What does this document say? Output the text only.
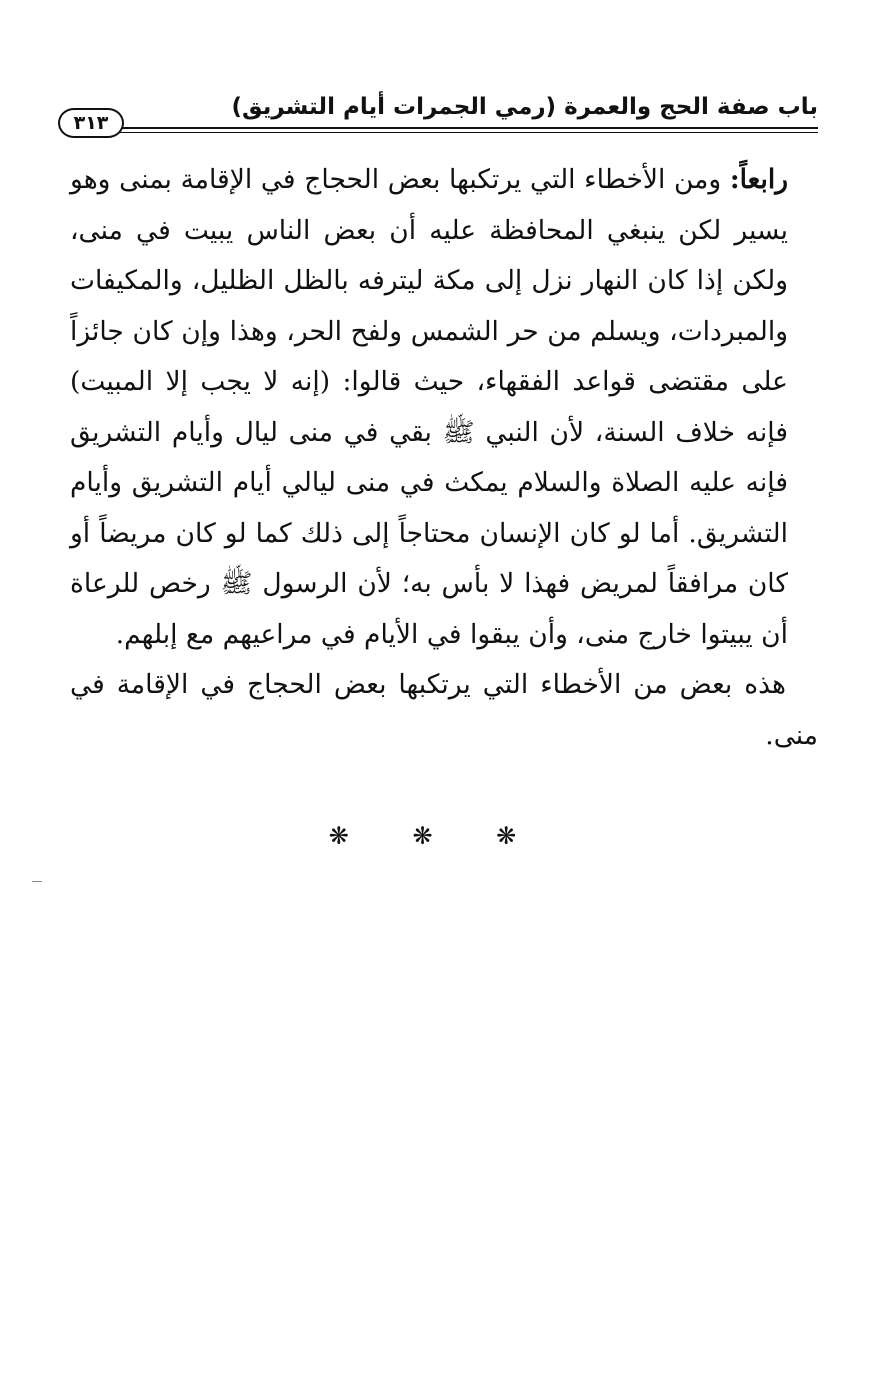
باب صفة الحج والعمرة (رمي الجمرات أيام التشريق)
٣١٣

رابعاً: ومن الأخطاء التي يرتكبها بعض الحجاج في الإقامة بمنى وهو يسير لكن ينبغي المحافظة عليه أن بعض الناس يبيت في منى، ولكن إذا كان النهار نزل إلى مكة ليترفه بالظل الظليل، والمكيفات والمبردات، ويسلم من حر الشمس ولفح الحر، وهذا وإن كان جائزاً على مقتضى قواعد الفقهاء، حيث قالوا: (إنه لا يجب إلا المبيت) فإنه خلاف السنة، لأن النبي ﷺ بقي في منى ليال وأيام التشريق فإنه عليه الصلاة والسلام يمكث في منى ليالي أيام التشريق وأيام التشريق. أما لو كان الإنسان محتاجاً إلى ذلك كما لو كان مريضاً أو كان مرافقاً لمريض فهذا لا بأس به؛ لأن الرسول ﷺ رخص للرعاة أن يبيتوا خارج منى، وأن يبقوا في الأيام في مراعيهم مع إبلهم.

هذه بعض من الأخطاء التي يرتكبها بعض الحجاج في الإقامة في منى.

❋ ❋ ❋
